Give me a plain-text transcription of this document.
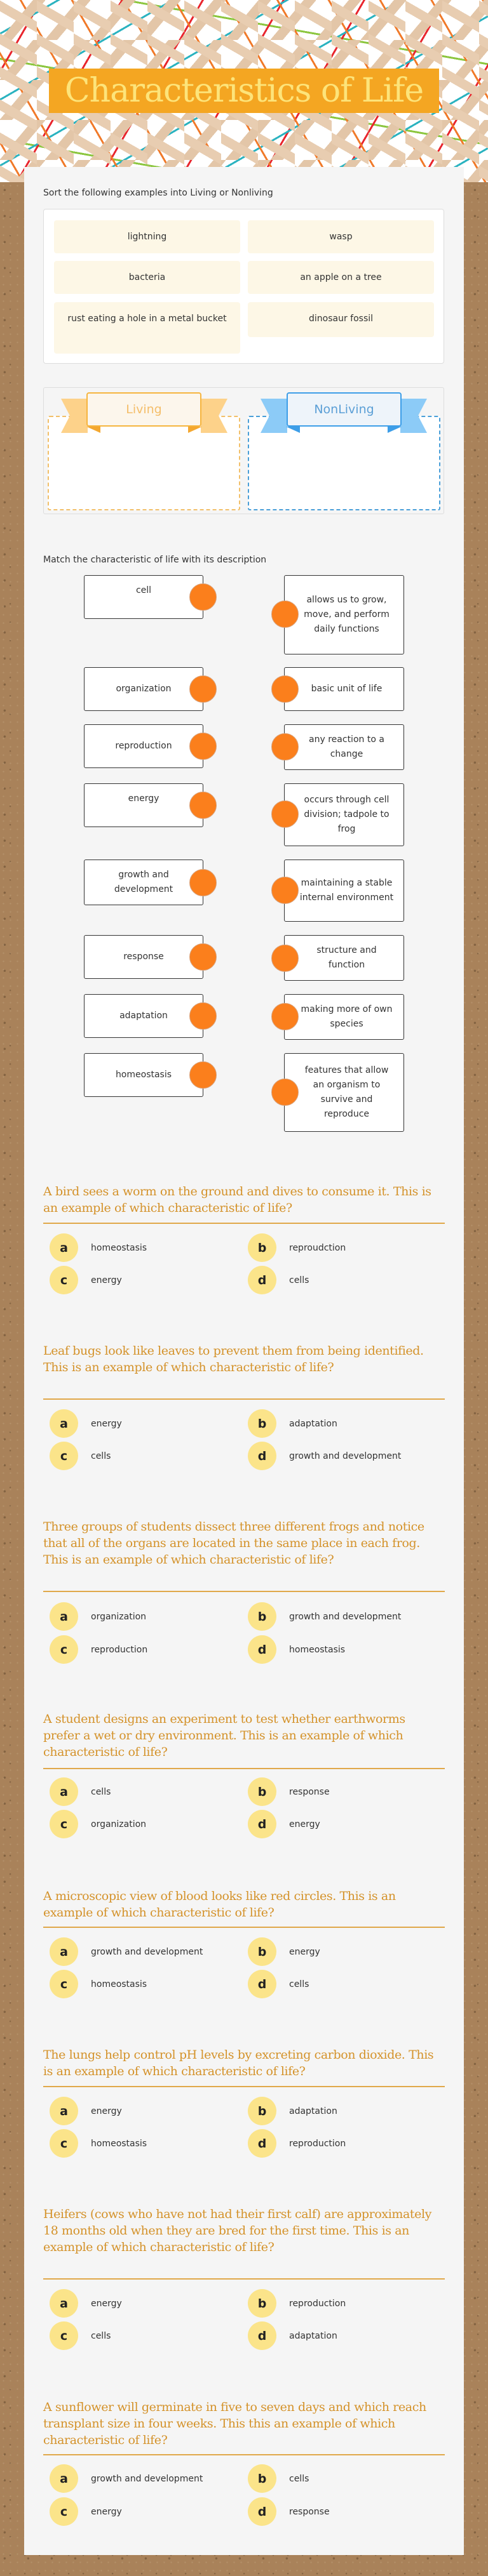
Characteristics of Life
Sort the following examples into Living or Nonliving
lightning	wasp
bacteria	an apple on a tree
rust eating a hole in a metal bucket	dinosaur fossil
Living	NonLiving
Match the characteristic of life with its description
cell
organization
reproduction
energy
growth and development
response
adaptation
homeostasis
allows us to grow, move, and perform daily functions
basic unit of life
any reaction to a change
occurs through cell division; tadpole to frog
maintaining a stable internal environment
structure and function
making more of own species
features that allow an organism to survive and reproduce
A bird sees a worm on the ground and dives to consume it. This is an example of which characteristic of life?
a	homeostasis	b	reproudction
c	energy	d	cells
Leaf bugs look like leaves to prevent them from being identified. This is an example of which characteristic of life?
a	energy	b	adaptation
c	cells	d	growth and development
Three groups of students dissect three different frogs and notice that all of the organs are located in the same place in each frog. This is an example of which characteristic of life?
a	organization	b	growth and development
c	reproduction	d	homeostasis
A student designs an experiment to test whether earthworms prefer a wet or dry environment. This is an example of which characteristic of life?
a	cells	b	response
c	organization	d	energy
A microscopic view of blood looks like red circles. This is an example of which characteristic of life?
a	growth and development	b	energy
c	homeostasis	d	cells
The lungs help control pH levels by excreting carbon dioxide. This is an example of which characteristic of life?
a	energy	b	adaptation
c	homeostasis	d	reproduction
Heifers (cows who have not had their first calf) are approximately 18 months old when they are bred for the first time. This is an example of which characteristic of life?
a	energy	b	reproduction
c	cells	d	adaptation
A sunflower will germinate in five to seven days and which reach transplant size in four weeks. This this an example of which characteristic of life?
a	growth and development	b	cells
c	energy	d	response
